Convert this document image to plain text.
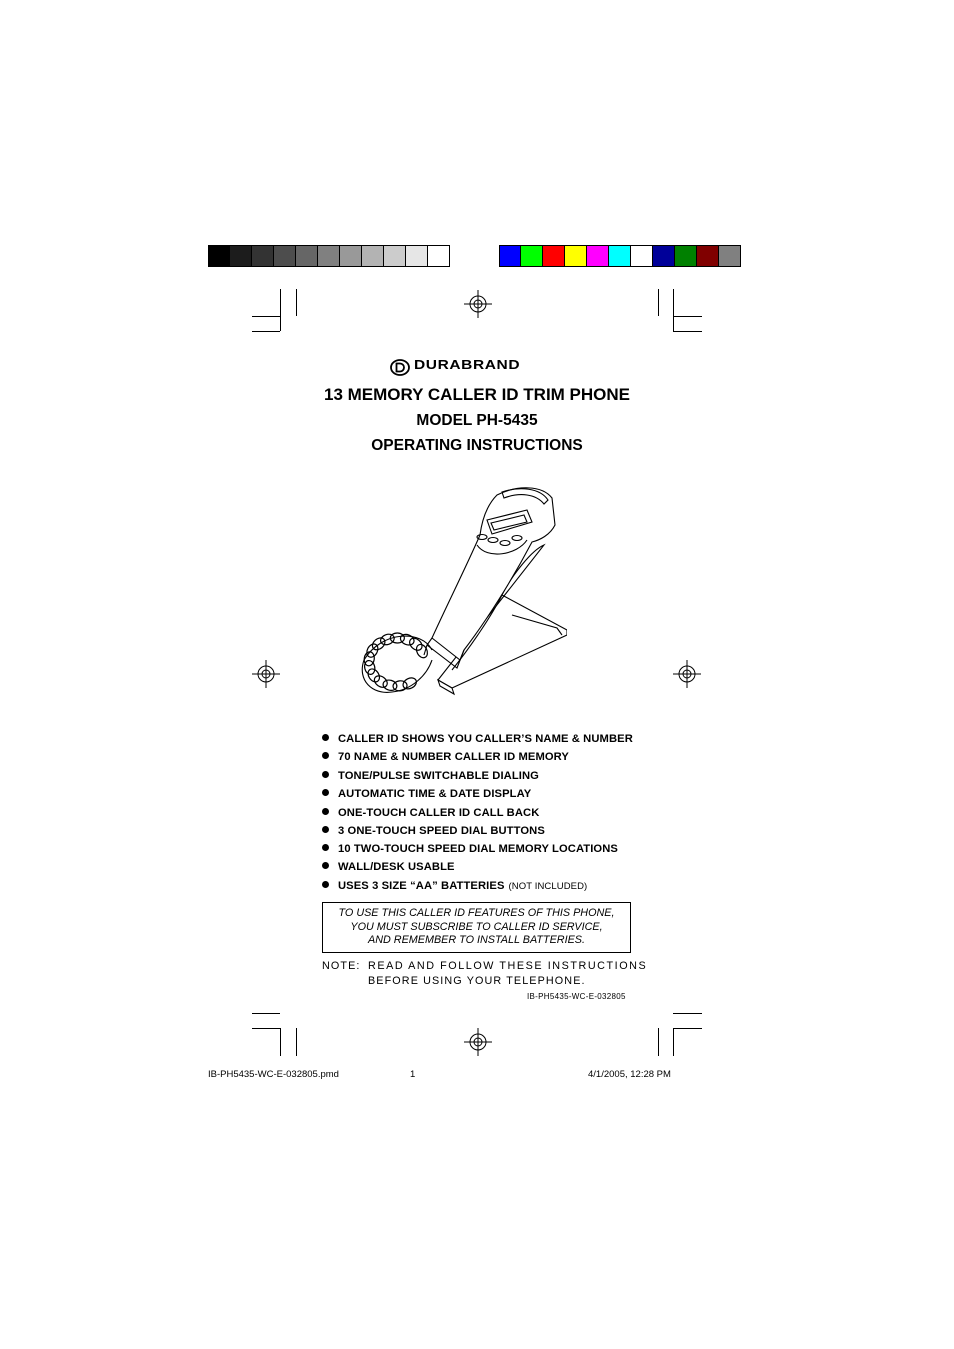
DURABRAND
13 MEMORY CALLER ID TRIM PHONE
MODEL PH-5435
OPERATING INSTRUCTIONS
CALLER ID SHOWS YOU CALLER’S NAME & NUMBER
70 NAME & NUMBER CALLER ID MEMORY
TONE/PULSE SWITCHABLE DIALING
AUTOMATIC TIME & DATE DISPLAY
ONE-TOUCH CALLER ID CALL BACK
3 ONE-TOUCH SPEED DIAL BUTTONS
10 TWO-TOUCH SPEED DIAL MEMORY LOCATIONS
WALL/DESK USABLE
USES 3 SIZE “AA” BATTERIES (NOT INCLUDED)
TO USE THIS CALLER ID FEATURES OF THIS PHONE,
YOU MUST SUBSCRIBE TO CALLER ID SERVICE,
AND REMEMBER TO INSTALL BATTERIES.
NOTE: READ AND FOLLOW THESE INSTRUCTIONS
BEFORE USING YOUR TELEPHONE.
IB-PH5435-WC-E-032805
IB-PH5435-WC-E-032805.pmd	1	4/1/2005, 12:28 PM
